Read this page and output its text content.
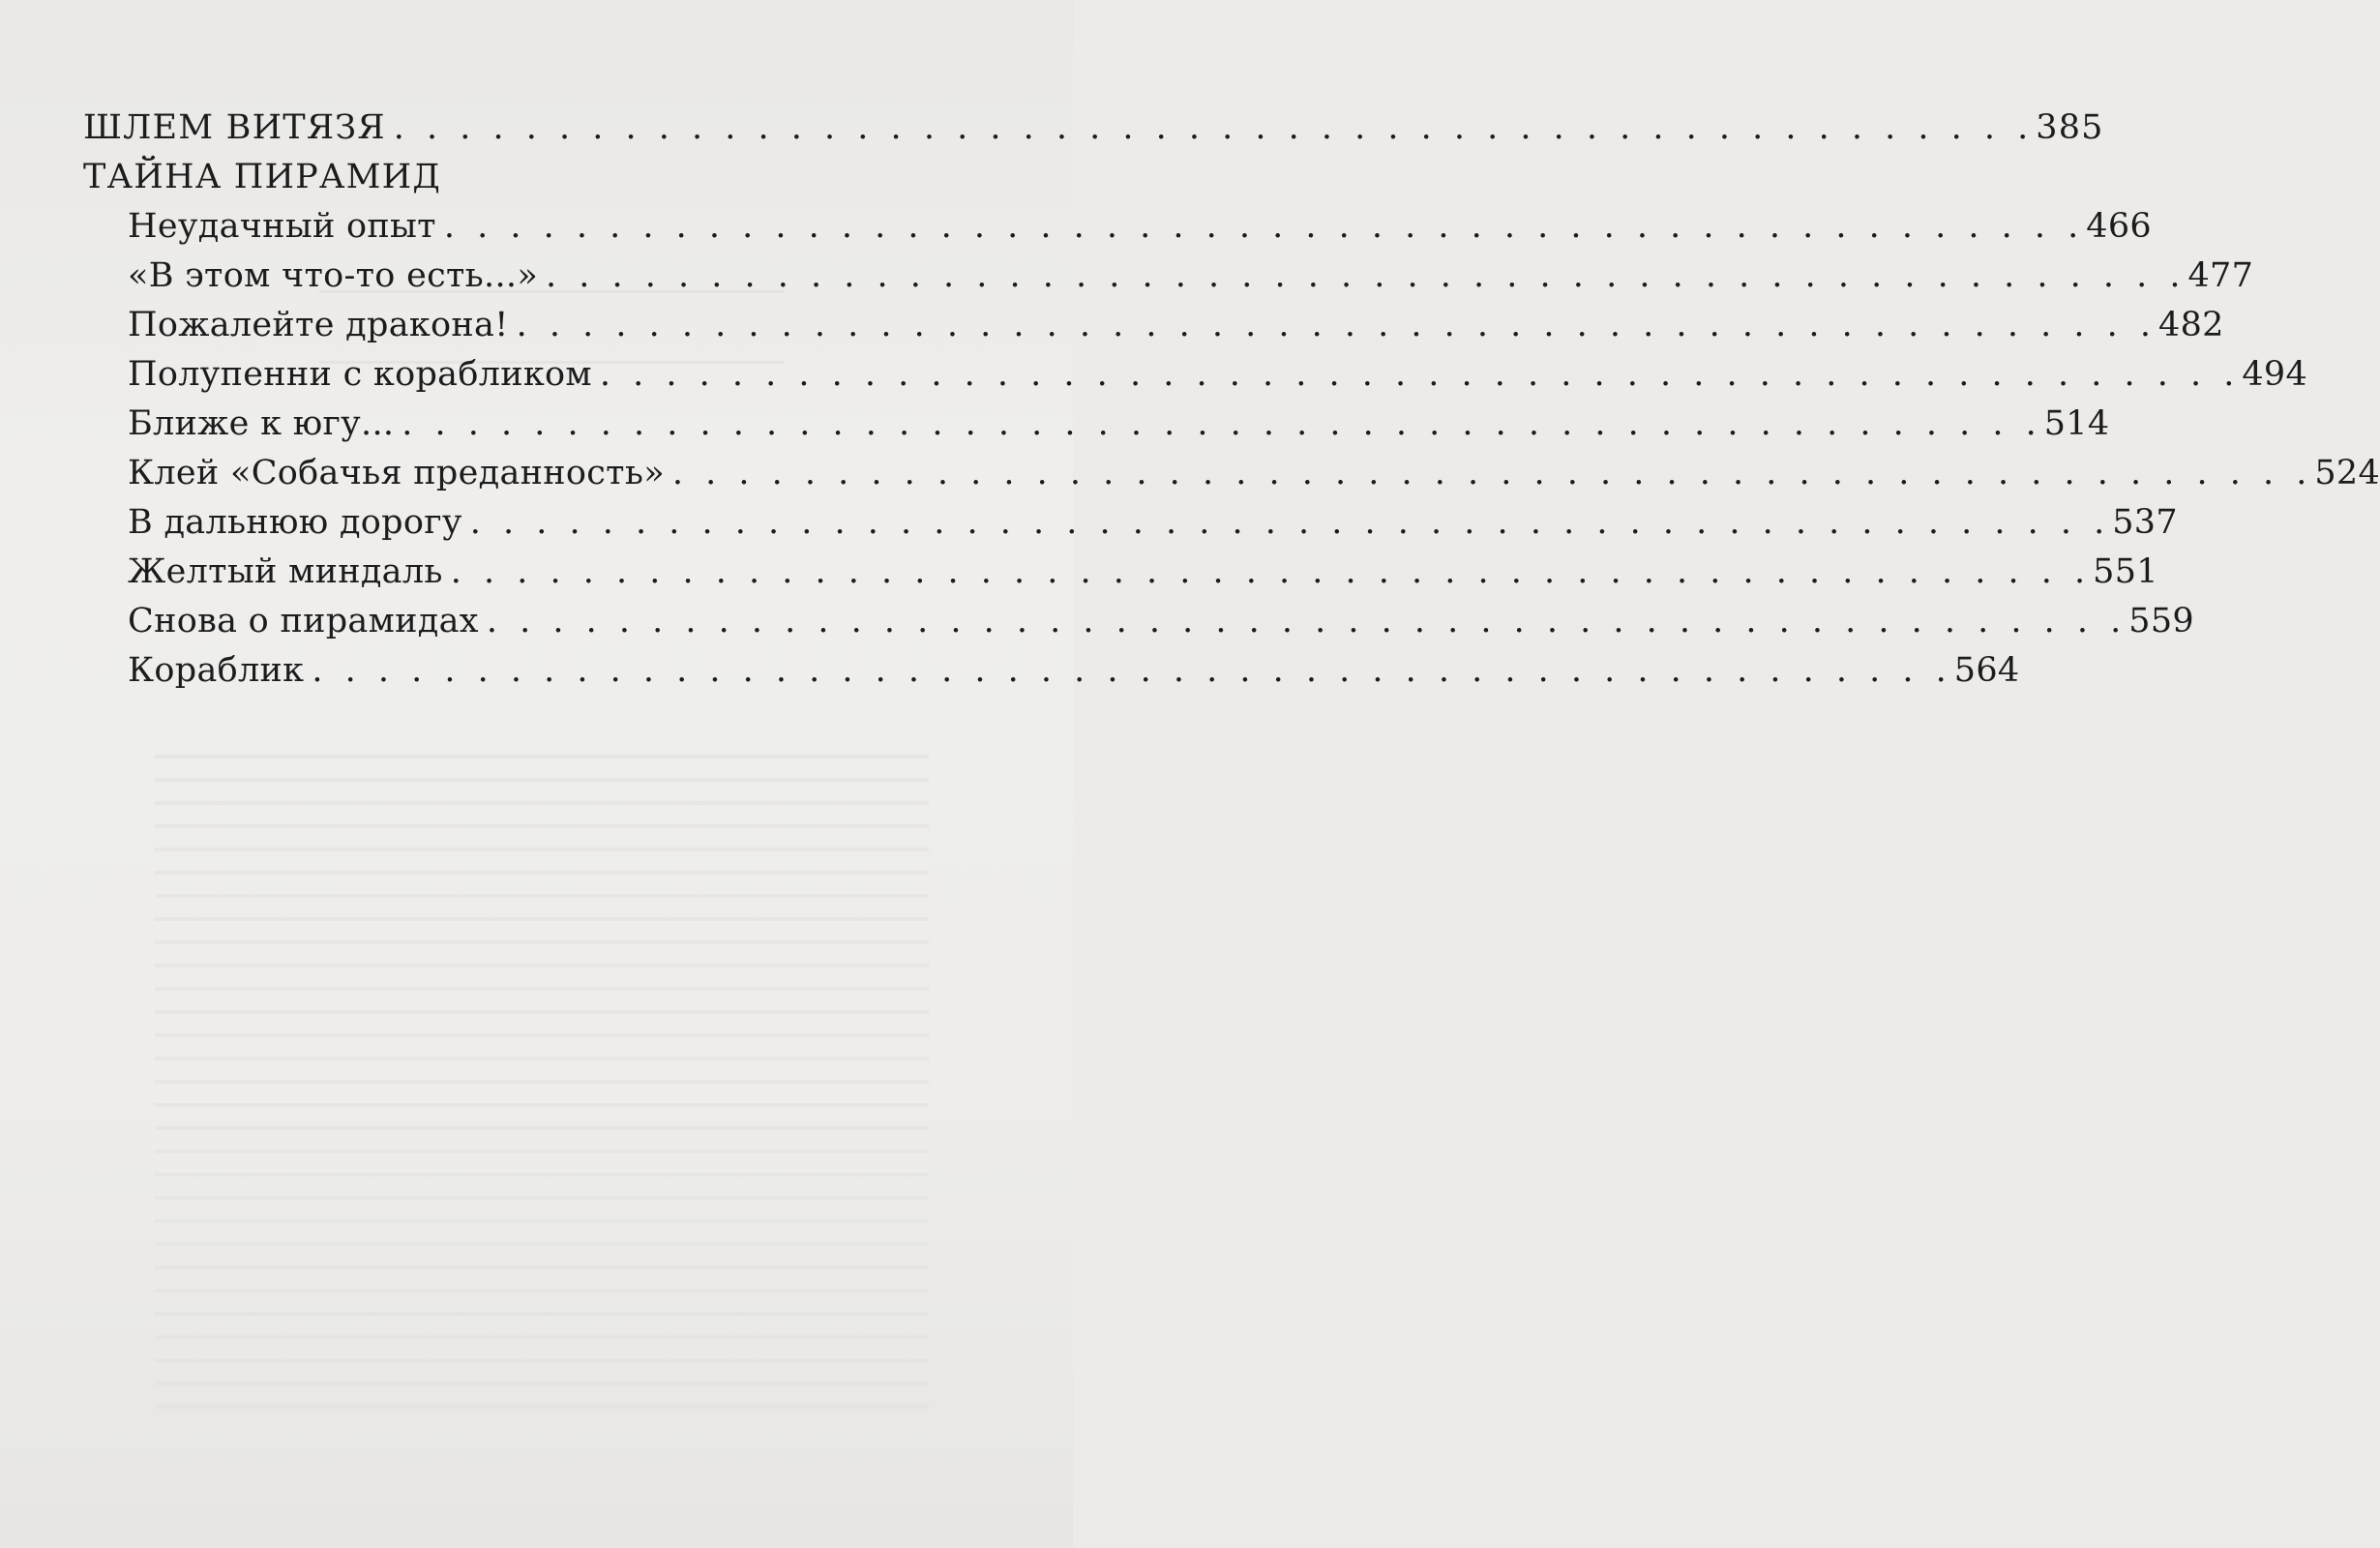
ШЛЕМ ВИТЯЗЯ . . . . . . . . . . . . . . . . . . . . . . . . . . . . . . . . . . . . . . . . . . . . . . . . . . 385
ТАЙНА ПИРАМИД
Неудачный опыт . . . . . . . . . . . . . . . . . . . . . . . . . . . . . . . . . . . . . . . . . . . . . . . . . . 466
«В этом что-то есть...» . . . . . . . . . . . . . . . . . . . . . . . . . . . . . . . . . . . . . . . . . . . . . . . . . . 477
Пожалейте дракона! . . . . . . . . . . . . . . . . . . . . . . . . . . . . . . . . . . . . . . . . . . . . . . . . . . 482
Полупенни с корабликом . . . . . . . . . . . . . . . . . . . . . . . . . . . . . . . . . . . . . . . . . . . . . . . . . . 494
Ближе к югу... . . . . . . . . . . . . . . . . . . . . . . . . . . . . . . . . . . . . . . . . . . . . . . . . . . 514
Клей «Собачья преданность» . . . . . . . . . . . . . . . . . . . . . . . . . . . . . . . . . . . . . . . . . . . . . . . . . . 524
В дальнюю дорогу . . . . . . . . . . . . . . . . . . . . . . . . . . . . . . . . . . . . . . . . . . . . . . . . . . 537
Желтый миндаль . . . . . . . . . . . . . . . . . . . . . . . . . . . . . . . . . . . . . . . . . . . . . . . . . . 551
Снова о пирамидах . . . . . . . . . . . . . . . . . . . . . . . . . . . . . . . . . . . . . . . . . . . . . . . . . . 559
Кораблик . . . . . . . . . . . . . . . . . . . . . . . . . . . . . . . . . . . . . . . . . . . . . . . . . . 564
